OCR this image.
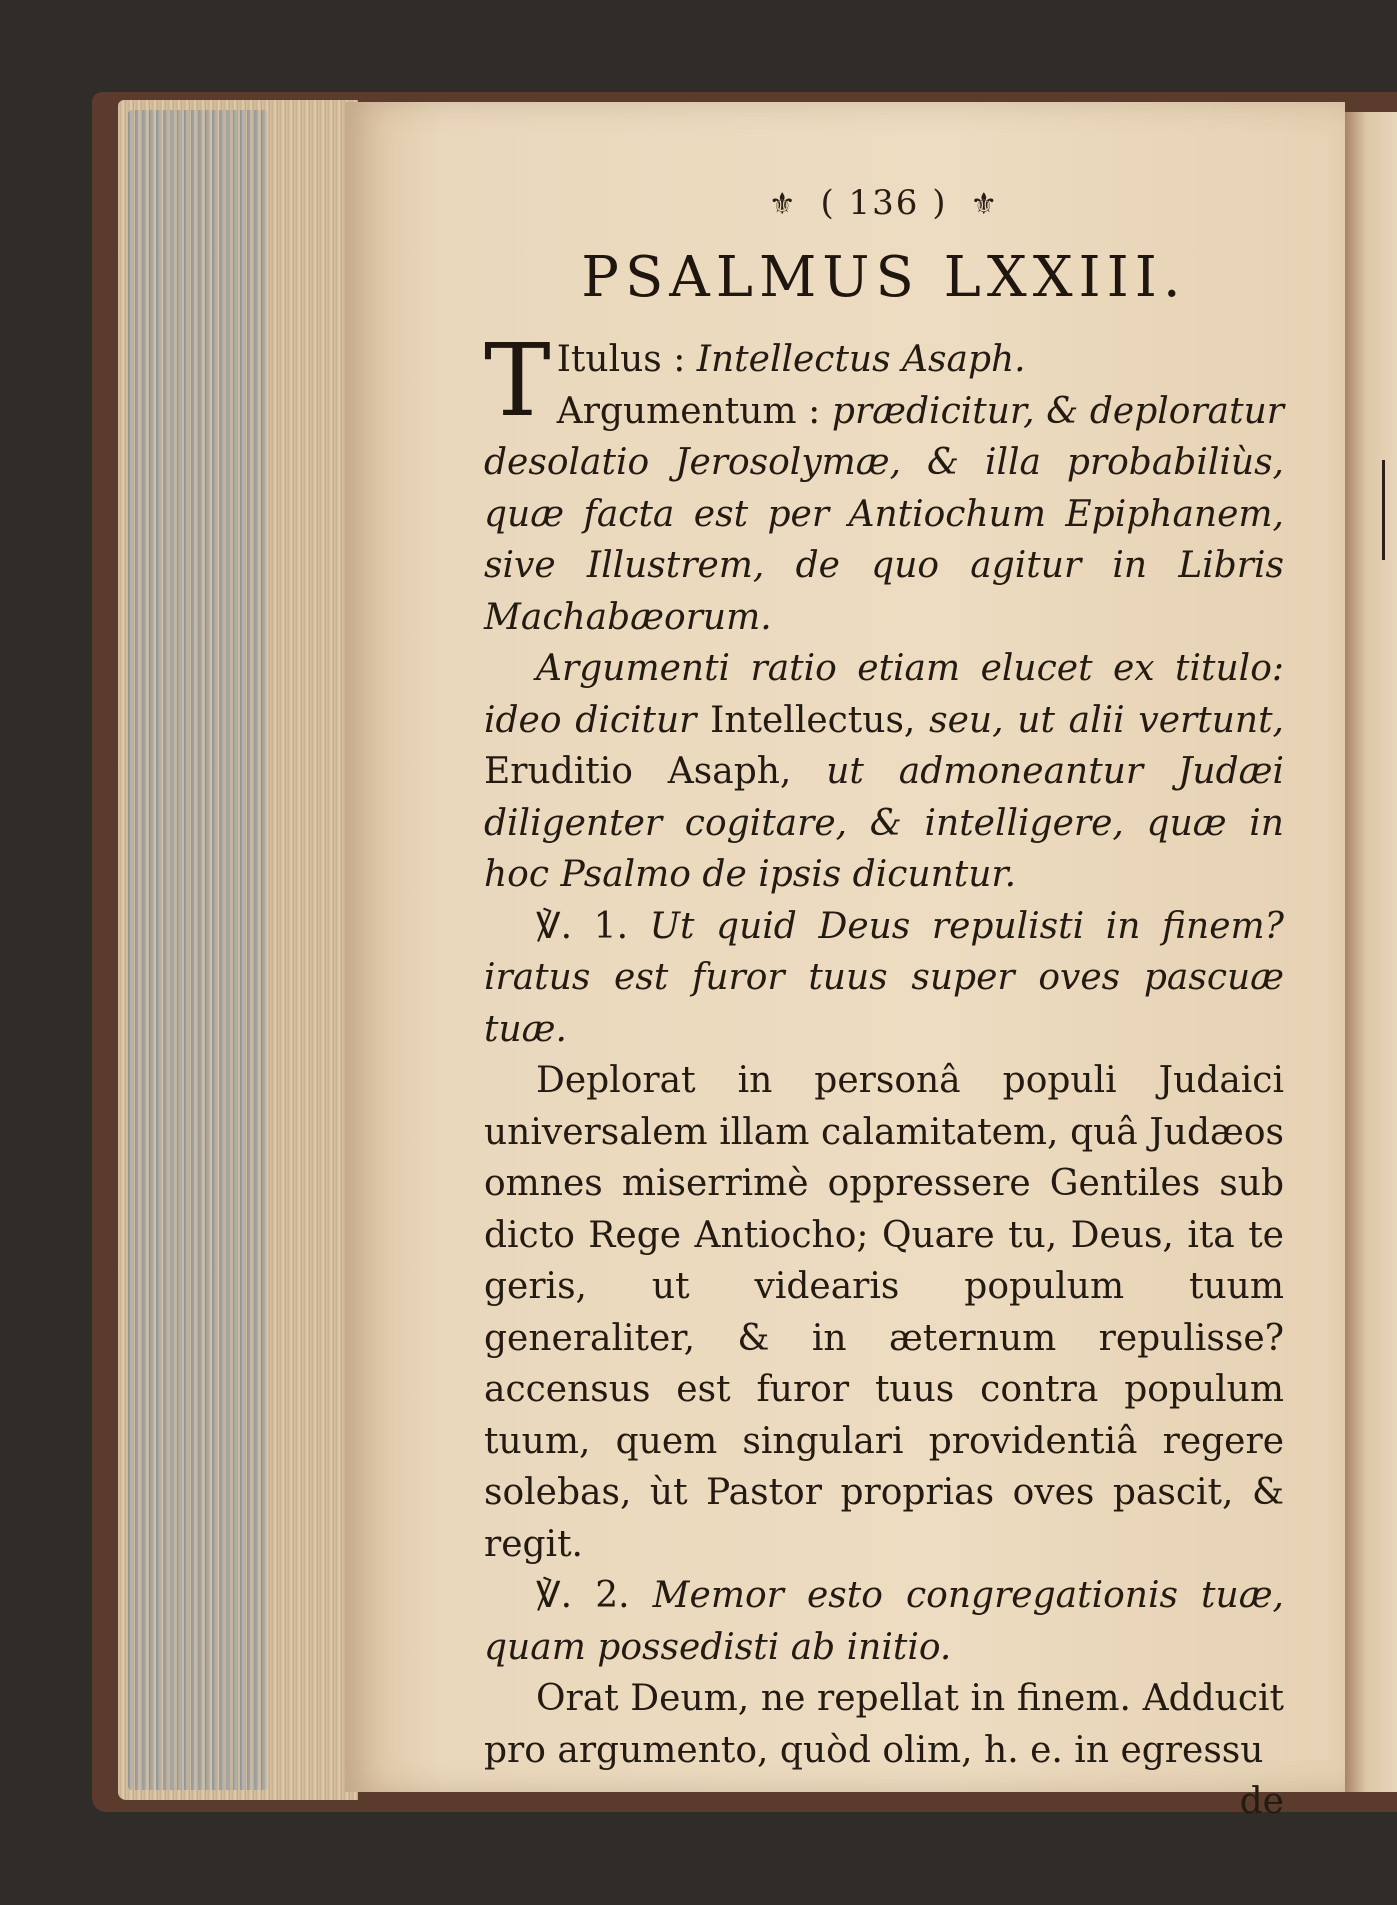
⚜ ( 136 ) ⚜
PSALMUS LXXIII.

T Itulus : Intellectus Asaph.
Argumentum : prædicitur, & deploratur desolatio Jerosolymæ, & illa probabiliùs, quæ facta est per Antiochum Epiphanem, sive Illustrem, de quo agitur in Libris Machabæorum.

Argumenti ratio etiam elucet ex titulo: ideo dicitur Intellectus, seu, ut alii vertunt, Eruditio Asaph, ut admoneantur Judæi diligenter cogitare, & intelligere, quæ in hoc Psalmo de ipsis dicuntur.

℣. 1. Ut quid Deus repulisti in finem? iratus est furor tuus super oves pascuæ tuæ.

Deplorat in personâ populi Judaici universalem illam calamitatem, quâ Judæos omnes miserrimè oppressere Gentiles sub dicto Rege Antiocho; Quare tu, Deus, ita te geris, ut videaris populum tuum generaliter, & in æternum repulisse? accensus est furor tuus contra populum tuum, quem singulari providentiâ regere solebas, ùt Pastor proprias oves pascit, & regit.

℣. 2. Memor esto congregationis tuæ, quam possedisti ab initio.

Orat Deum, ne repellat in finem. Adducit pro argumento, quòd olim, h. e. in egressu

de
